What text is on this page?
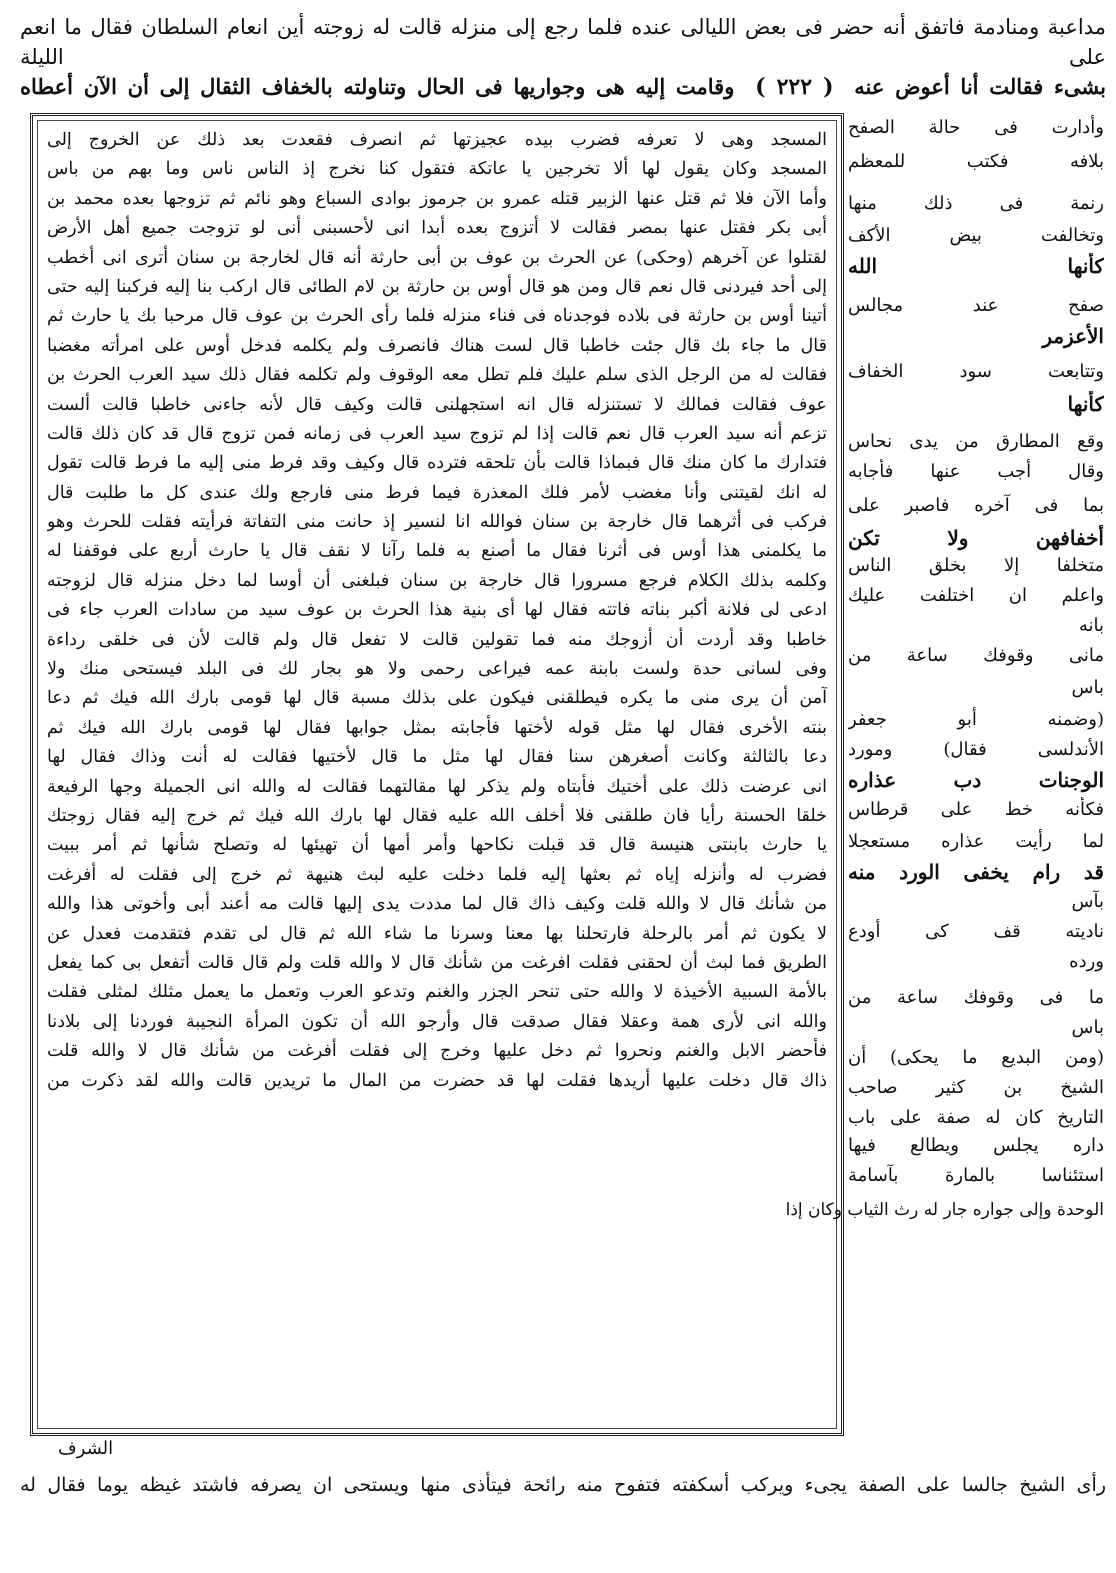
مداعبة ومنادمة فاتفق أنه حضر فى بعض الليالى عنده فلما رجع إلى منزله قالت له زوجته أين انعام السلطان فقال ما انعم على الليلة
بشىء فقالت أنا أعوض عنه ( ٢٢٢ ) وقامت إليه هى وجواريها فى الحال وتناولته بالخفاف الثقال إلى أن الآن أعطاه
المسجد وهى لا تعرفه فضرب بيده عجيزتها ثم انصرف فقعدت بعد ذلك عن الخروج إلى
المسجد وكان يقول لها ألا تخرجين يا عاتكة فتقول كنا نخرج إذ الناس ناس وما بهم من باس
وأما الآن فلا ثم قتل عنها الزبير قتله عمرو بن جرموز بوادى السباع وهو نائم ثم تزوجها بعده محمد بن
أبى بكر فقتل عنها بمصر فقالت لا أتزوج بعده أبدا انى لأحسبنى أنى لو تزوجت جميع أهل الأرض
لقتلوا عن آخرهم (وحكى) عن الحرث بن عوف بن أبى حارثة أنه قال لخارجة بن سنان أترى انى أخطب
إلى أحد فيردنى قال نعم قال ومن هو قال أوس بن حارثة بن لام الطائى قال اركب بنا إليه فركبنا إليه حتى
أتينا أوس بن حارثة فى بلاده فوجدناه فى فناء منزله فلما رأى الحرث بن عوف قال مرحبا بك يا حارث ثم
قال ما جاء بك قال جئت خاطبا قال لست هناك فانصرف ولم يكلمه فدخل أوس على امرأته مغضبا
فقالت له من الرجل الذى سلم عليك فلم تطل معه الوقوف ولم تكلمه فقال ذلك سيد العرب الحرث بن
عوف فقالت فمالك لا تستنزله قال انه استجهلنى قالت وكيف قال لأنه جاءنى خاطبا قالت ألست
تزعم أنه سيد العرب قال نعم قالت إذا لم تزوج سيد العرب فى زمانه فمن تزوج قال قد كان ذلك قالت
فتدارك ما كان منك قال فبماذا قالت بأن تلحقه فترده قال وكيف وقد فرط منى إليه ما فرط قالت تقول
له انك لقيتنى وأنا مغضب لأمر فلك المعذرة فيما فرط منى فارجع ولك عندى كل ما طلبت قال
فركب فى أثرهما قال خارجة بن سنان فوالله انا لنسير إذ حانت منى التفاتة فرأيته فقلت للحرث وهو
ما يكلمنى هذا أوس فى أثرنا فقال ما أصنع به فلما رآنا لا نقف قال يا حارث أربع على فوقفنا له
وكلمه بذلك الكلام فرجع مسرورا قال خارجة بن سنان فبلغنى أن أوسا لما دخل منزله قال لزوجته
ادعى لى فلانة أكبر بناته فاتته فقال لها أى بنية هذا الحرث بن عوف سيد من سادات العرب جاء فى
خاطبا وقد أردت أن أزوجك منه فما تقولين قالت لا تفعل قال ولم قالت لأن فى خلقى رداءة
وفى لسانى حدة ولست بابنة عمه فيراعى رحمى ولا هو بجار لك فى البلد فيستحى منك ولا
آمن أن يرى منى ما يكره فيطلقنى فيكون على بذلك مسبة قال لها قومى بارك الله فيك ثم دعا
بنته الأخرى فقال لها مثل قوله لأختها فأجابته بمثل جوابها فقال لها قومى بارك الله فيك ثم
دعا بالثالثة وكانت أصغرهن سنا فقال لها مثل ما قال لأختيها فقالت له أنت وذاك فقال لها
انى عرضت ذلك على أختيك فأبتاه ولم يذكر لها مقالتهما فقالت له والله انى الجميلة وجها الرفيعة
خلقا الحسنة رأيا فان طلقنى فلا أخلف الله عليه فقال لها بارك الله فيك ثم خرج إليه فقال زوجتك
يا حارث بابنتى هنيسة قال قد قبلت نكاحها وأمر أمها أن تهيئها له وتصلح شأنها ثم أمر ببيت
فضرب له وأنزله إياه ثم بعثها إليه فلما دخلت عليه لبث هنيهة ثم خرج إلى فقلت له أفرغت
من شأنك قال لا والله قلت وكيف ذاك قال لما مددت يدى إليها قالت مه أعند أبى وأخوتى هذا والله
لا يكون ثم أمر بالرحلة فارتحلنا بها معنا وسرنا ما شاء الله ثم قال لى تقدم فتقدمت فعدل عن
الطريق فما لبث أن لحقنى فقلت افرغت من شأنك قال لا والله قلت ولم قال قالت أتفعل بى كما يفعل
بالأمة السبية الأخيذة لا والله حتى تنحر الجزر والغنم وتدعو العرب وتعمل ما يعمل مثلك لمثلى فقلت
والله انى لأرى همة وعقلا فقال صدقت قال وأرجو الله أن تكون المرأة النجيبة فوردنا إلى بلادنا
فأحضر الابل والغنم ونحروا ثم دخل عليها وخرج إلى فقلت أفرغت من شأنك قال لا والله قلت
ذاك قال دخلت عليها أريدها فقلت لها قد حضرت من المال ما تريدين قالت والله لقد ذكرت من
وأدارت فى حالة الصفح
بلافه فكتب للمعظم
رنمة فى ذلك منها
وتخالفت بيض الأكف
كأنها الله
صفح عند مجالس
الأعزمر
وتتابعت سود الخفاف
كأنها
وقع المطارق من يدى نحاس
وقال أجب عنها فأجابه
بما فى آخره فاصبر على
أخفافهن ولا تكن
متخلفا إلا بخلق الناس
واعلم ان اختلفت عليك
بانه
مانى وقوفك ساعة من
باس
(وضمنه أبو جعفر
الأندلسى فقال) ومورد
الوجنات دب عذاره
فكأنه خط على قرطاس
لما رأيت عذاره مستعجلا
قد رام يخفى الورد منه
بآس
ناديته قف كى أودع
ورده
ما فى وقوفك ساعة من
باس
(ومن البديع ما يحكى) أن
الشيخ بن كثير صاحب
التاريخ كان له صفة على باب
داره يجلس ويطالع فيها
استئناسا بالمارة بآسامة
الوحدة وإلى جواره جار له رث الثياب وكان إذا
رأى الشيخ جالسا على الصفة يجىء ويركب أسكفته فتفوح منه رائحة فيتأذى منها ويستحى ان يصرفه فاشتد غيظه يوما فقال له
الشرف
